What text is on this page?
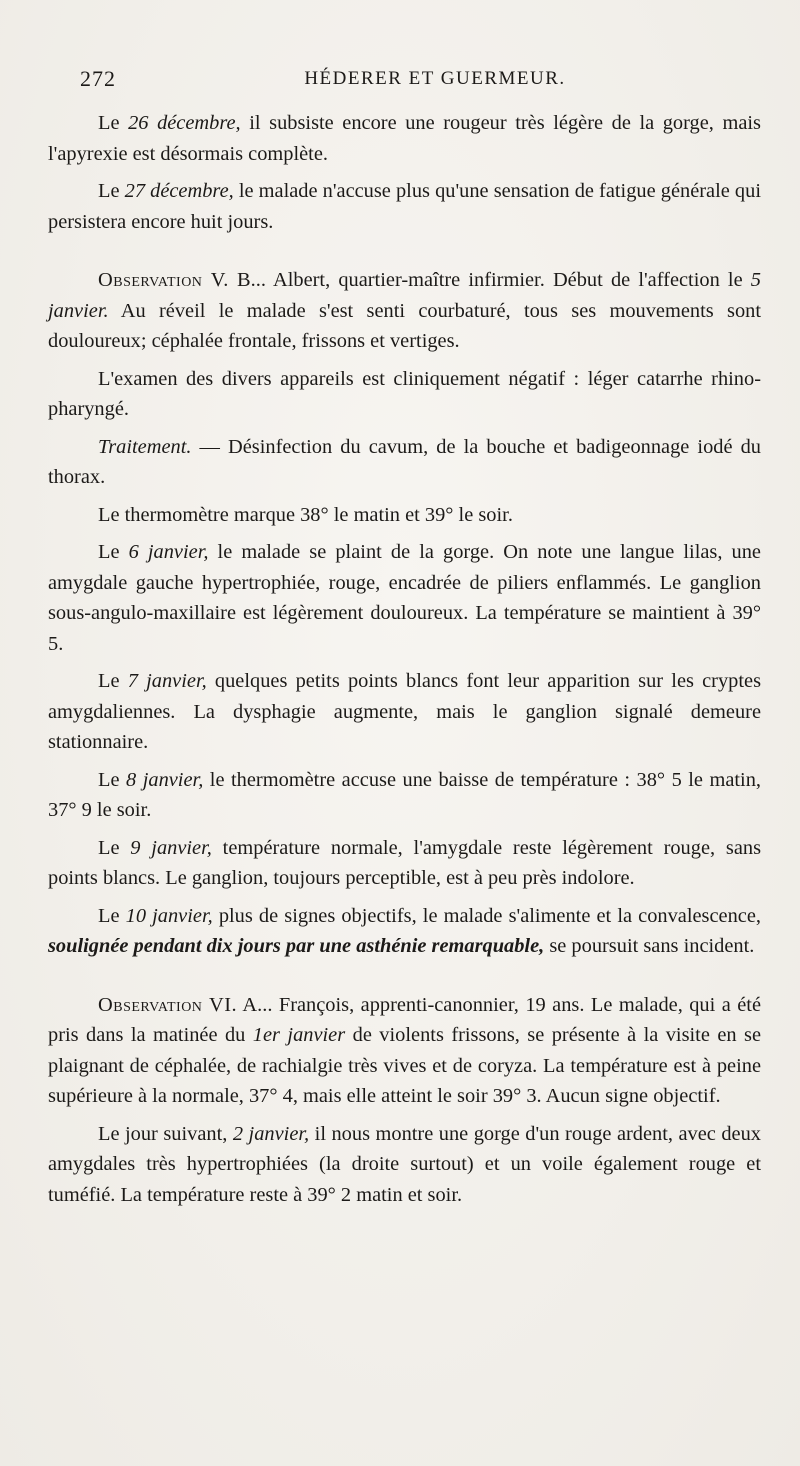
272	HÉDERER ET GUERMEUR.

Le 26 décembre, il subsiste encore une rougeur très légère de la gorge, mais l'apyrexie est désormais complète.

Le 27 décembre, le malade n'accuse plus qu'une sensation de fatigue générale qui persistera encore huit jours.

Observation V. B... Albert, quartier-maître infirmier. Début de l'affection le 5 janvier. Au réveil le malade s'est senti courbaturé, tous ses mouvements sont douloureux; céphalée frontale, frissons et vertiges.

L'examen des divers appareils est cliniquement négatif : léger catarrhe rhino-pharyngé.

Traitement. — Désinfection du cavum, de la bouche et badigeonnage iodé du thorax.

Le thermomètre marque 38° le matin et 39° le soir.

Le 6 janvier, le malade se plaint de la gorge. On note une langue lilas, une amygdale gauche hypertrophiée, rouge, encadrée de piliers enflammés. Le ganglion sous-angulo-maxillaire est légèrement douloureux. La température se maintient à 39° 5.

Le 7 janvier, quelques petits points blancs font leur apparition sur les cryptes amygdaliennes. La dysphagie augmente, mais le ganglion signalé demeure stationnaire.

Le 8 janvier, le thermomètre accuse une baisse de température : 38° 5 le matin, 37° 9 le soir.

Le 9 janvier, température normale, l'amygdale reste légèrement rouge, sans points blancs. Le ganglion, toujours perceptible, est à peu près indolore.

Le 10 janvier, plus de signes objectifs, le malade s'alimente et la convalescence, soulignée pendant dix jours par une asthénie remarquable, se poursuit sans incident.

Observation VI. A... François, apprenti-canonnier, 19 ans. Le malade, qui a été pris dans la matinée du 1er janvier de violents frissons, se présente à la visite en se plaignant de céphalée, de rachialgie très vives et de coryza. La température est à peine supérieure à la normale, 37° 4, mais elle atteint le soir 39° 3. Aucun signe objectif.

Le jour suivant, 2 janvier, il nous montre une gorge d'un rouge ardent, avec deux amygdales très hypertrophiées (la droite surtout) et un voile également rouge et tuméfié. La température reste à 39° 2 matin et soir.
